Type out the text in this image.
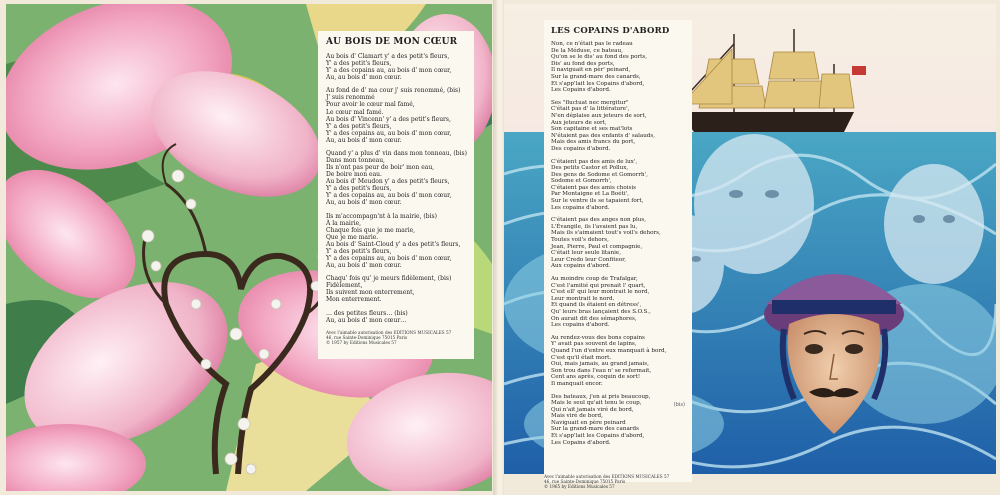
AU BOIS DE MON CŒUR
Au bois d' Clamart y' a des petit's fleurs,
Y' a des petit's fleurs,
Y' a des copains au, au bois d' mon cœur,
Au, au bois d' mon cœur.
Au fond de d' ma cour j' suis renommé, (bis)
J' suis renommé
Pour avoir le cœur mal famé,
Le cœur mal famé.
Au bois d' Vincenn' y' a des petit's fleurs,
Y' a des petit's fleurs,
Y' a des copains au, au bois d' mon cœur,
Au, au bois d' mon cœur.
Quand y' a plus d' vin dans mon tonneau, (bis)
Dans mon tonneau,
Ils n'ont pas peur de boir' mon eau,
De boire mon eau.
Au bois d' Meudon y' a des petit's fleurs,
Y' a des petit's fleurs,
Y' a des copains au, au bois d' mon cœur,
Au, au bois d' mon cœur.
Ils m'accompagn'nt à la mairie, (bis)
À la mairie,
Chaque fois que je me marie,
Que je me marie.
Au bois d' Saint-Cloud y' a des petit's fleurs,
Y' a des petit's fleurs,
Y' a des copains au, au bois d' mon cœur,
Au, au bois d' mon cœur.
Chaqu' fois qu' je meurs fidèlement, (bis)
Fidèlement,
Ils suivent mon enterrement,
Mon enterrement.
… des petites fleurs… (bis)
Au, au bois d' mon cœur…
Avec l'aimable autorisation des EDITIONS MUSICALES 57
46, rue Sainte-Dominique 75015 Paris
© 1957 by Editions Musicales 57
LES COPAINS D'ABORD
Non, ce n'était pas le radeau
De la Méduse, ce bateau,
Qu'on se le dis' au fond des ports,
Dis' au fond des ports,
Il naviguait en pèr' peinard,
Sur la grand-mare des canards,
Et s'app'lait les Copains d'abord,
Les Copains d'abord.
Ses "fluctuat nec mergitur"
C'était pas d' la littérature',
N'en déplaise aux jeteurs de sort,
Aux jeteurs de sort,
Son capitaine et ses mat'lots
N'étaient pas des enfants d' salauds,
Mais des amis francs du port,
Des copains d'abord.
C'étaient pas des amis de lux',
Des petits Castor et Pollux,
Des gens de Sodome et Gomorrh',
Sodome et Gomorrh',
C'étaient pas des amis choisis
Par Montaigne et La Boéti',
Sur le ventre ils se tapaient fort,
Les copains d'abord.
C'étaient pas des anges non plus,
L'Évangile, ils l'avaient pas lu,
Mais ils s'aimaient tout's voil's dehors,
Toutes voil's dehors,
Jean, Pierre, Paul et compagnie,
C'était leur seule litanie,
Leur Credo leur Confiteor,
Aux copains d'abord.
Au moindre coup de Trafalgar,
C'est l'amitié qui prenait l' quart,
C'est ell' qui leur montrait le nord,
Leur montrait le nord.
Et quand ils étaient en détress',
Qu' leurs bras lançaient des S.O.S.,
On aurait dit des sémaphores,
Les copains d'abord.
Au rendez-vous des bons copains
Y' avait pas souvent de lapins,
Quand l'un d'entre eux manquait à bord,
C'est qu'il était mort.
Oui, mais jamais, au grand jamais,
Son trou dans l'eau n' se refermait,
Cent ans après, coquin de sort!
Il manquait encor.
(bis)
Des bateaux, j'en ai pris beaucoup,
Mais le seul qu'ait tenu le coup,
Qui n'ait jamais viré de bord,
Mais viré de bord,
Naviguait en père peinard
Sur la grand-mare des canards
Et s'app'lait les Copains d'abord,
Les Copains d'abord.
Avec l'aimable autorisation des EDITIONS MUSICALES 57
46, rue Sainte-Dominique 75015 Paris
© 1965 by Editions Musicales 57
